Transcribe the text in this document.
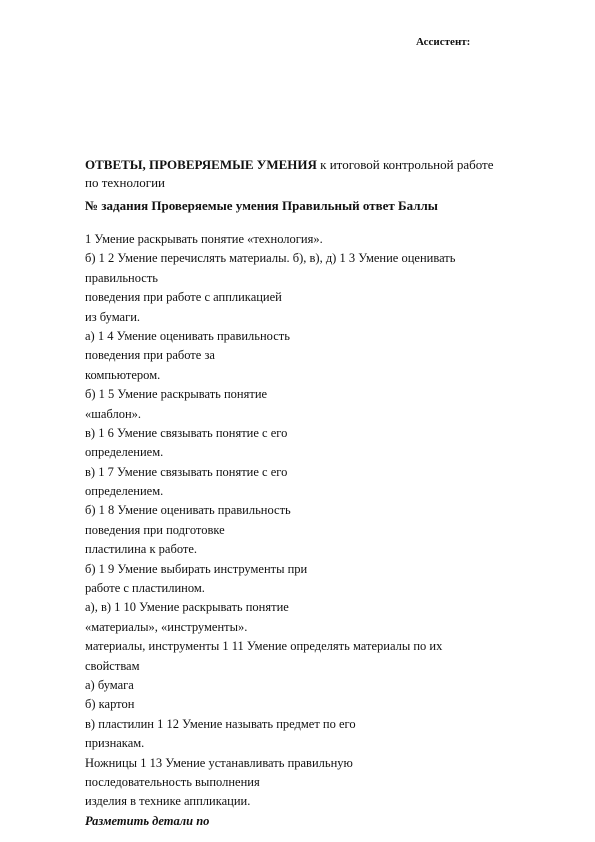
Ассистент:
ОТВЕТЫ, ПРОВЕРЯЕМЫЕ УМЕНИЯ к итоговой контрольной работе
по технологии
№ задания Проверяемые умения Правильный ответ Баллы
1 Умение раскрывать понятие «технология».
б) 1 2 Умение перечислять материалы. б), в), д) 1 3 Умение оценивать
правильность
поведения при работе с аппликацией
из бумаги.
а) 1 4 Умение оценивать правильность
поведения при работе за
компьютером.
б) 1 5 Умение раскрывать понятие
«шаблон».
в) 1 6 Умение связывать понятие с его
определением.
в) 1 7 Умение связывать понятие с его
определением.
б) 1 8 Умение оценивать правильность
поведения при подготовке
пластилина к работе.
б) 1 9 Умение выбирать инструменты при
работе с пластилином.
а), в) 1 10 Умение раскрывать понятие
«материалы», «инструменты».
материалы, инструменты 1 11 Умение определять материалы по их
свойствам
а) бумага
б) картон
в) пластилин 1 12 Умение называть предмет по его
признакам.
Ножницы 1 13 Умение устанавливать правильную
последовательность выполнения
изделия в технике аппликации.
Разметить детали по
